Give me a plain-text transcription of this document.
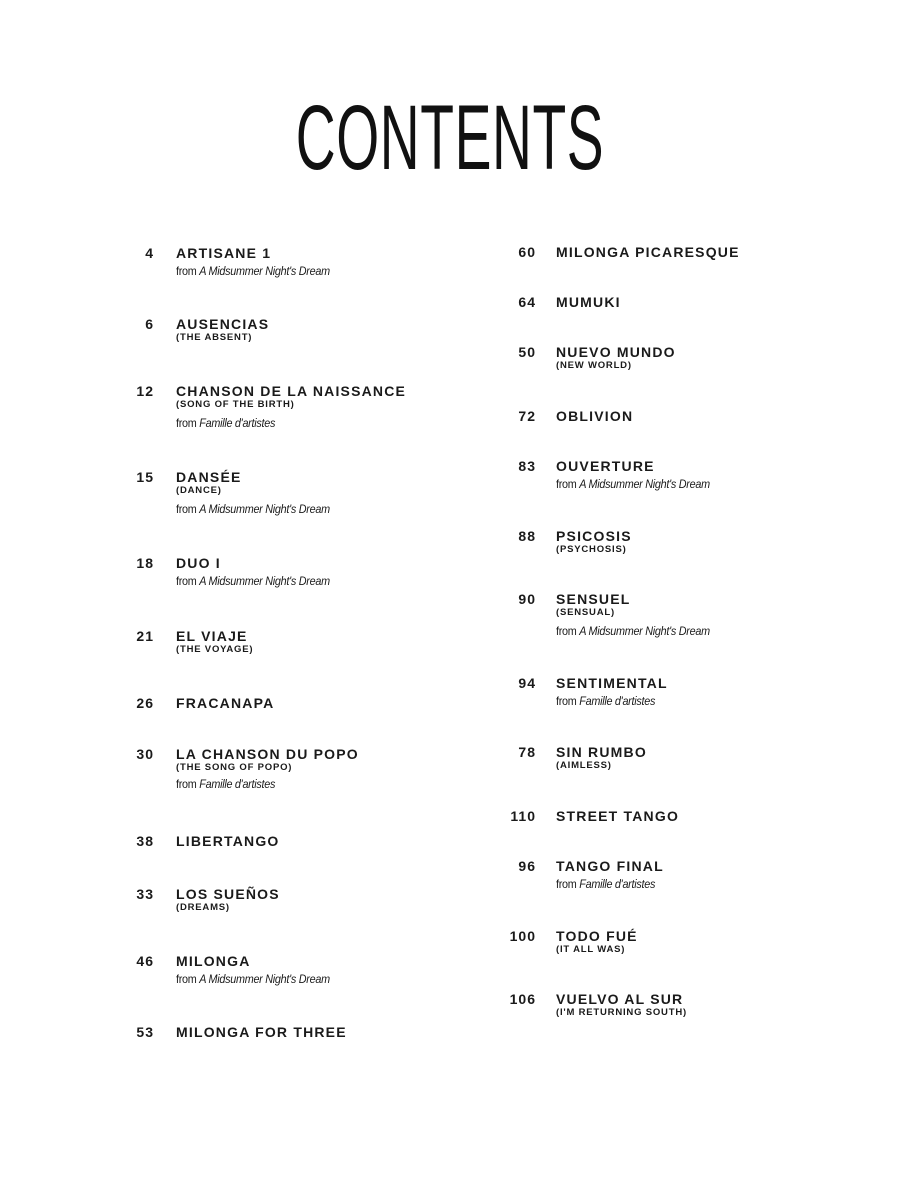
CONTENTS
4 ARTISANE 1
from A Midsummer Night's Dream
6 AUSENCIAS
(THE ABSENT)
12 CHANSON DE LA NAISSANCE
(SONG OF THE BIRTH)
from Famille d'artistes
15 DANSÉE
(DANCE)
from A Midsummer Night's Dream
18 DUO I
from A Midsummer Night's Dream
21 EL VIAJE
(THE VOYAGE)
26 FRACANAPA
30 LA CHANSON DU POPO
(THE SONG OF POPO)
from Famille d'artistes
38 LIBERTANGO
33 LOS SUEÑOS
(DREAMS)
46 MILONGA
from A Midsummer Night's Dream
53 MILONGA FOR THREE
60 MILONGA PICARESQUE
64 MUMUKI
50 NUEVO MUNDO
(NEW WORLD)
72 OBLIVION
83 OUVERTURE
from A Midsummer Night's Dream
88 PSICOSIS
(PSYCHOSIS)
90 SENSUEL
(SENSUAL)
from A Midsummer Night's Dream
94 SENTIMENTAL
from Famille d'artistes
78 SIN RUMBO
(AIMLESS)
110 STREET TANGO
96 TANGO FINAL
from Famille d'artistes
100 TODO FUÉ
(IT ALL WAS)
106 VUELVO AL SUR
(I'M RETURNING SOUTH)
